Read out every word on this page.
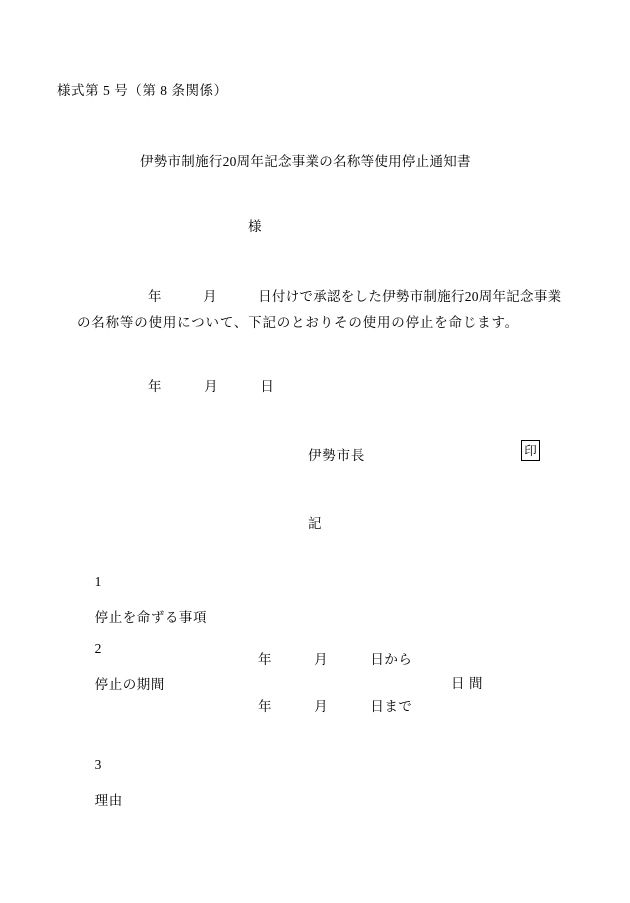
様式第 5 号（第 8 条関係）
伊勢市制施行20周年記念事業の名称等使用停止通知書
様
年　　　月　　　日付けで承認をした伊勢市制施行20周年記念事業
の名称等の使用について、下記のとおりその使用の停止を命じます。
年　　　月　　　日
伊勢市長	印
記

1

停止を命ずる事項

2

停止の期間

年　　　月　　　日から
日 間
年　　　月　　　日まで

3

理由
